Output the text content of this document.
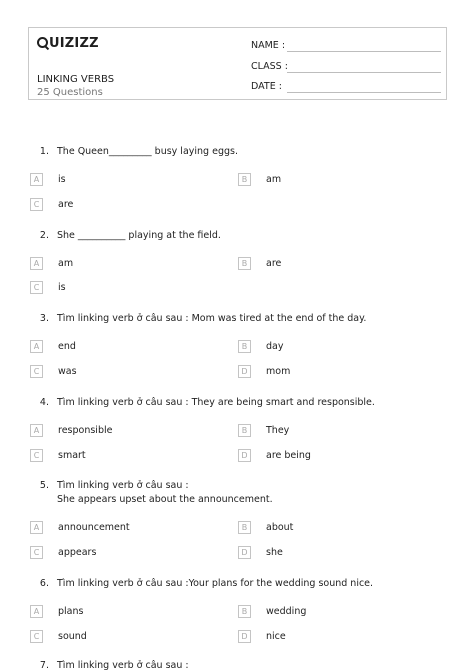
UIZIZZ
LINKING VERBS
25 Questions
NAME :
CLASS :
DATE :
1. The Queen_________ busy laying eggs.
A	is	B	am
C	are
2. She __________ playing at the field.
A	am	B	are
C	is
3. Tìm linking verb ở câu sau : Mom was tired at the end of the day.
A	end	B	day
C	was	D	mom
4. Tìm linking verb ở câu sau : They are being smart and responsible.
A	responsible	B	They
C	smart	D	are being
5. Tìm linking verb ở câu sau :
She appears upset about the announcement.
A	announcement	B	about
C	appears	D	she
6. Tìm linking verb ở câu sau :Your plans for the wedding sound nice.
A	plans	B	wedding
C	sound	D	nice
7. Tìm linking verb ở câu sau :
